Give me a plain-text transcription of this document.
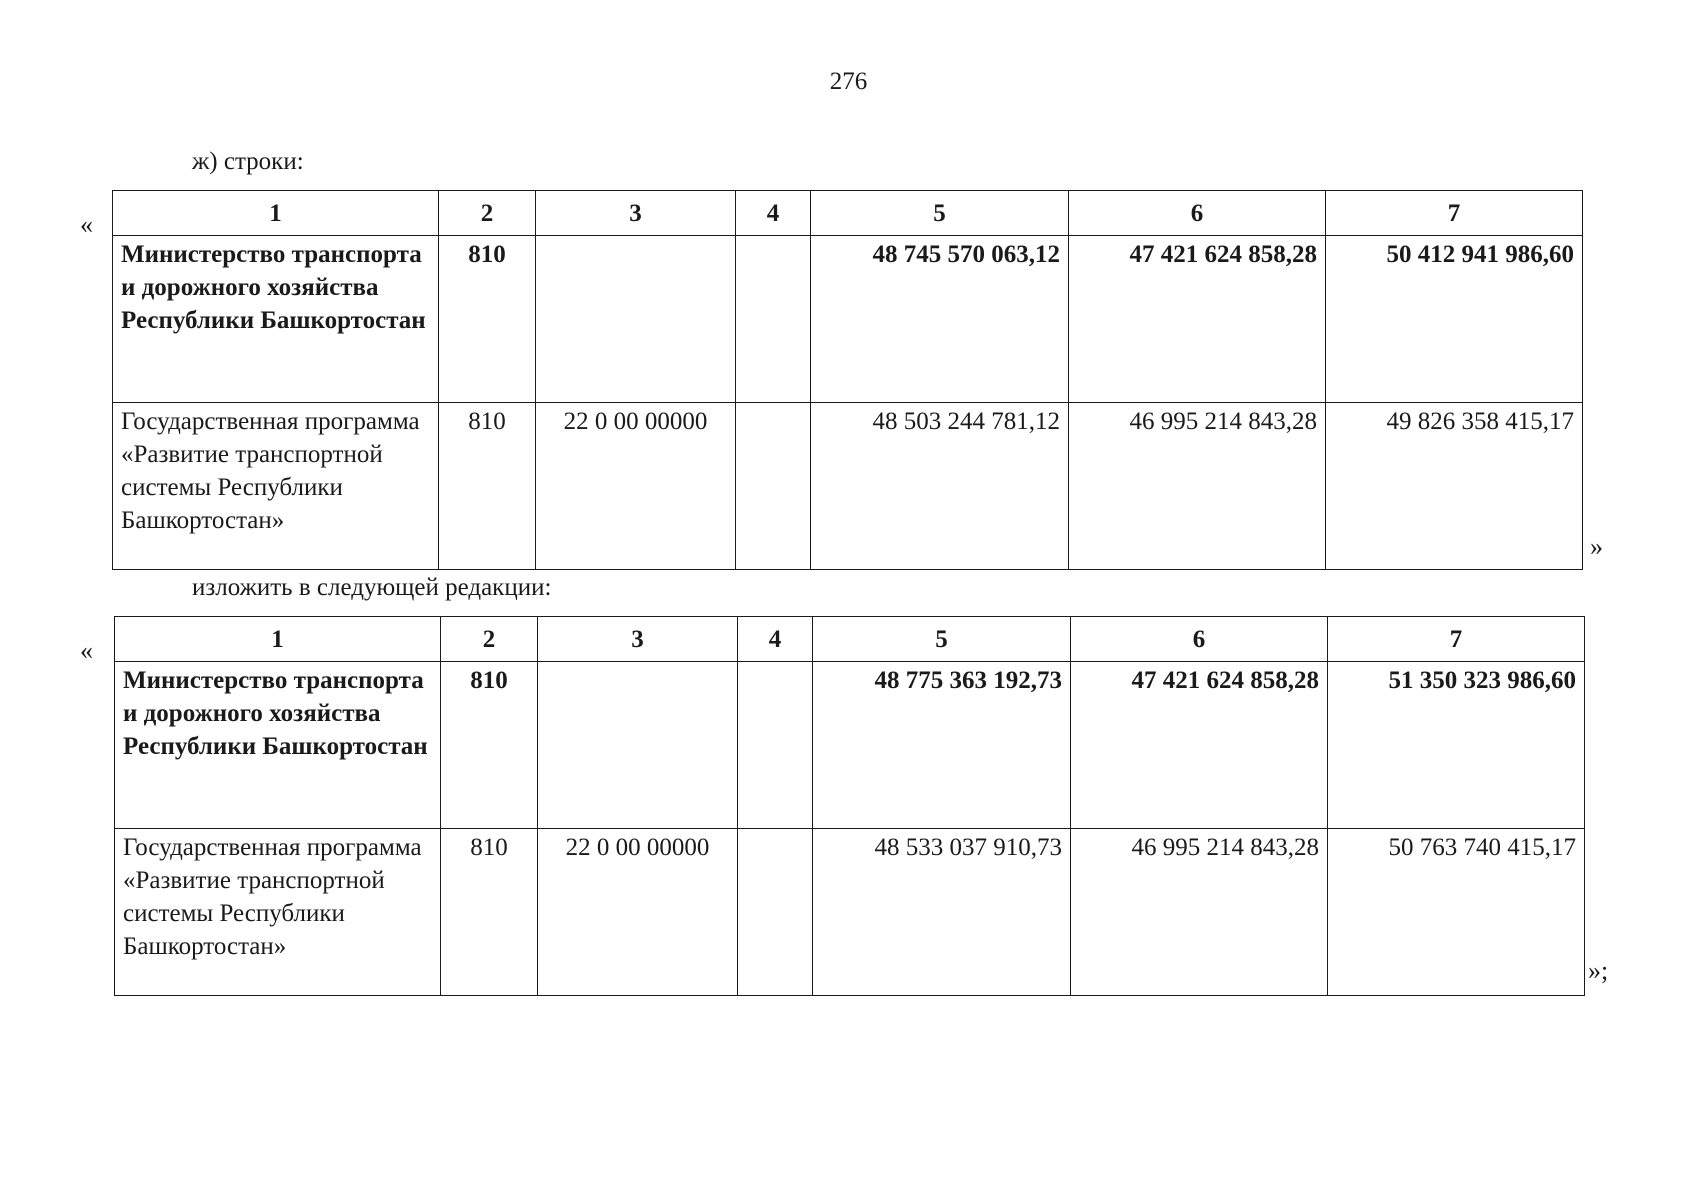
276
ж) строки:
«	1	2	3	4	5	6	7
Министерство транспорта и дорожного хозяйства Республики Башкортостан	810			48 745 570 063,12	47 421 624 858,28	50 412 941 986,60
Государственная программа «Развитие транспортной системы Республики Башкортостан»	810	22 0 00 00000		48 503 244 781,12	46 995 214 843,28	49 826 358 415,17
»
изложить в следующей редакции:
«	1	2	3	4	5	6	7
Министерство транспорта и дорожного хозяйства Республики Башкортостан	810			48 775 363 192,73	47 421 624 858,28	51 350 323 986,60
Государственная программа «Развитие транспортной системы Республики Башкортостан»	810	22 0 00 00000		48 533 037 910,73	46 995 214 843,28	50 763 740 415,17
»;
